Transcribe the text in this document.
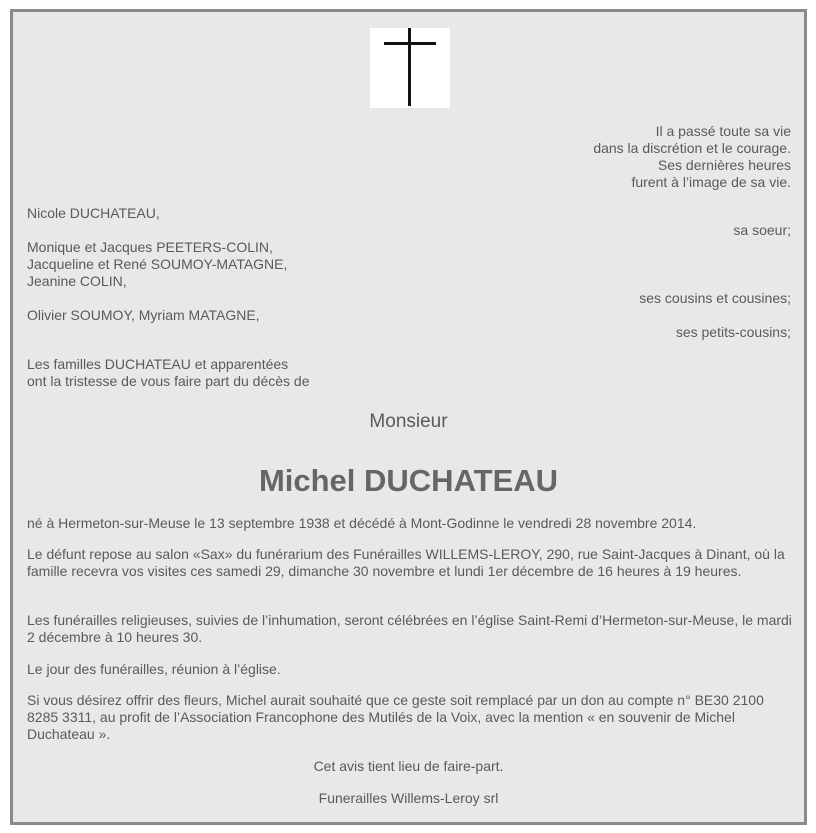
Il a passé toute sa vie
dans la discrétion et le courage.
Ses dernières heures
furent à l’image de sa vie.
Nicole DUCHATEAU,
sa soeur;
Monique et Jacques PEETERS-COLIN,
Jacqueline et René SOUMOY-MATAGNE,
Jeanine COLIN,
ses cousins et cousines;
Olivier SOUMOY, Myriam MATAGNE,
ses petits-cousins;
Les familles DUCHATEAU et apparentées
ont la tristesse de vous faire part du décès de
Monsieur
Michel DUCHATEAU
né à Hermeton-sur-Meuse le 13 septembre 1938 et décédé à Mont-Godinne le vendredi 28 novembre 2014.
Le défunt repose au salon «Sax» du funérarium des Funérailles WILLEMS-LEROY, 290, rue Saint-Jacques à Dinant, où la famille recevra vos visites ces samedi 29, dimanche 30 novembre et lundi 1er décembre de 16 heures à 19 heures.
Les funérailles religieuses, suivies de l’inhumation, seront célébrées en l’église Saint-Remi d’Hermeton-sur-Meuse, le mardi 2 décembre à 10 heures 30.
Le jour des funérailles, réunion à l’église.
Si vous désirez offrir des fleurs, Michel aurait souhaité que ce geste soit remplacé par un don au compte n° BE30 2100 8285 3311, au profit de l’Association Francophone des Mutilés de la Voix, avec la mention « en souvenir de Michel Duchateau ».
Cet avis tient lieu de faire-part.
Funerailles Willems-Leroy srl
